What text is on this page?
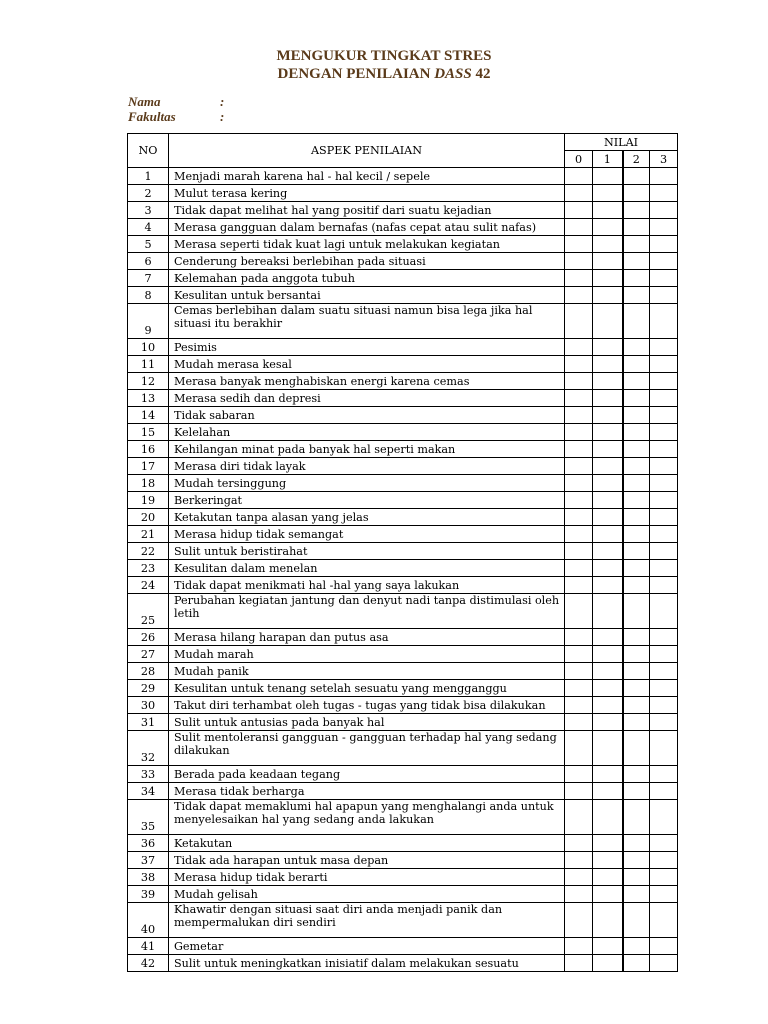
MENGUKUR TINGKAT STRES
DENGAN PENILAIAN DASS 42
Nama	:
Fakultas	:
NO	ASPEK PENILAIAN	NILAI			
		0	1	2	3
1	Menjadi marah karena hal - hal kecil / sepele				
2	Mulut terasa kering				
3	Tidak dapat melihat hal yang positif dari suatu kejadian				
4	Merasa gangguan dalam bernafas (nafas cepat atau sulit nafas)				
5	Merasa seperti tidak kuat lagi untuk melakukan kegiatan				
6	Cenderung bereaksi berlebihan pada situasi				
7	Kelemahan pada anggota tubuh				
8	Kesulitan untuk bersantai				
9	Cemas berlebihan dalam suatu situasi namun bisa lega jika hal situasi itu berakhir				
10	Pesimis				
11	Mudah merasa kesal				
12	Merasa banyak menghabiskan energi karena cemas				
13	Merasa sedih dan depresi				
14	Tidak sabaran				
15	Kelelahan				
16	Kehilangan minat pada banyak hal seperti makan				
17	Merasa diri tidak layak				
18	Mudah tersinggung				
19	Berkeringat				
20	Ketakutan tanpa alasan yang jelas				
21	Merasa hidup tidak semangat				
22	Sulit untuk beristirahat				
23	Kesulitan dalam menelan				
24	Tidak dapat menikmati hal -hal yang saya lakukan				
25	Perubahan kegiatan jantung dan denyut nadi tanpa distimulasi oleh letih				
26	Merasa hilang harapan dan putus asa				
27	Mudah marah				
28	Mudah panik				
29	Kesulitan untuk tenang setelah sesuatu yang mengganggu				
30	Takut diri terhambat oleh tugas - tugas yang tidak bisa dilakukan				
31	Sulit untuk antusias pada banyak hal				
32	Sulit mentoleransi gangguan - gangguan terhadap hal yang sedang dilakukan				
33	Berada pada keadaan tegang				
34	Merasa tidak berharga				
35	Tidak dapat memaklumi hal apapun yang menghalangi anda untuk menyelesaikan hal yang sedang anda lakukan				
36	Ketakutan				
37	Tidak ada harapan untuk masa depan				
38	Merasa hidup tidak berarti				
39	Mudah gelisah				
40	Khawatir dengan situasi saat diri anda menjadi panik dan mempermalukan diri sendiri				
41	Gemetar				
42	Sulit untuk meningkatkan inisiatif dalam melakukan sesuatu				
